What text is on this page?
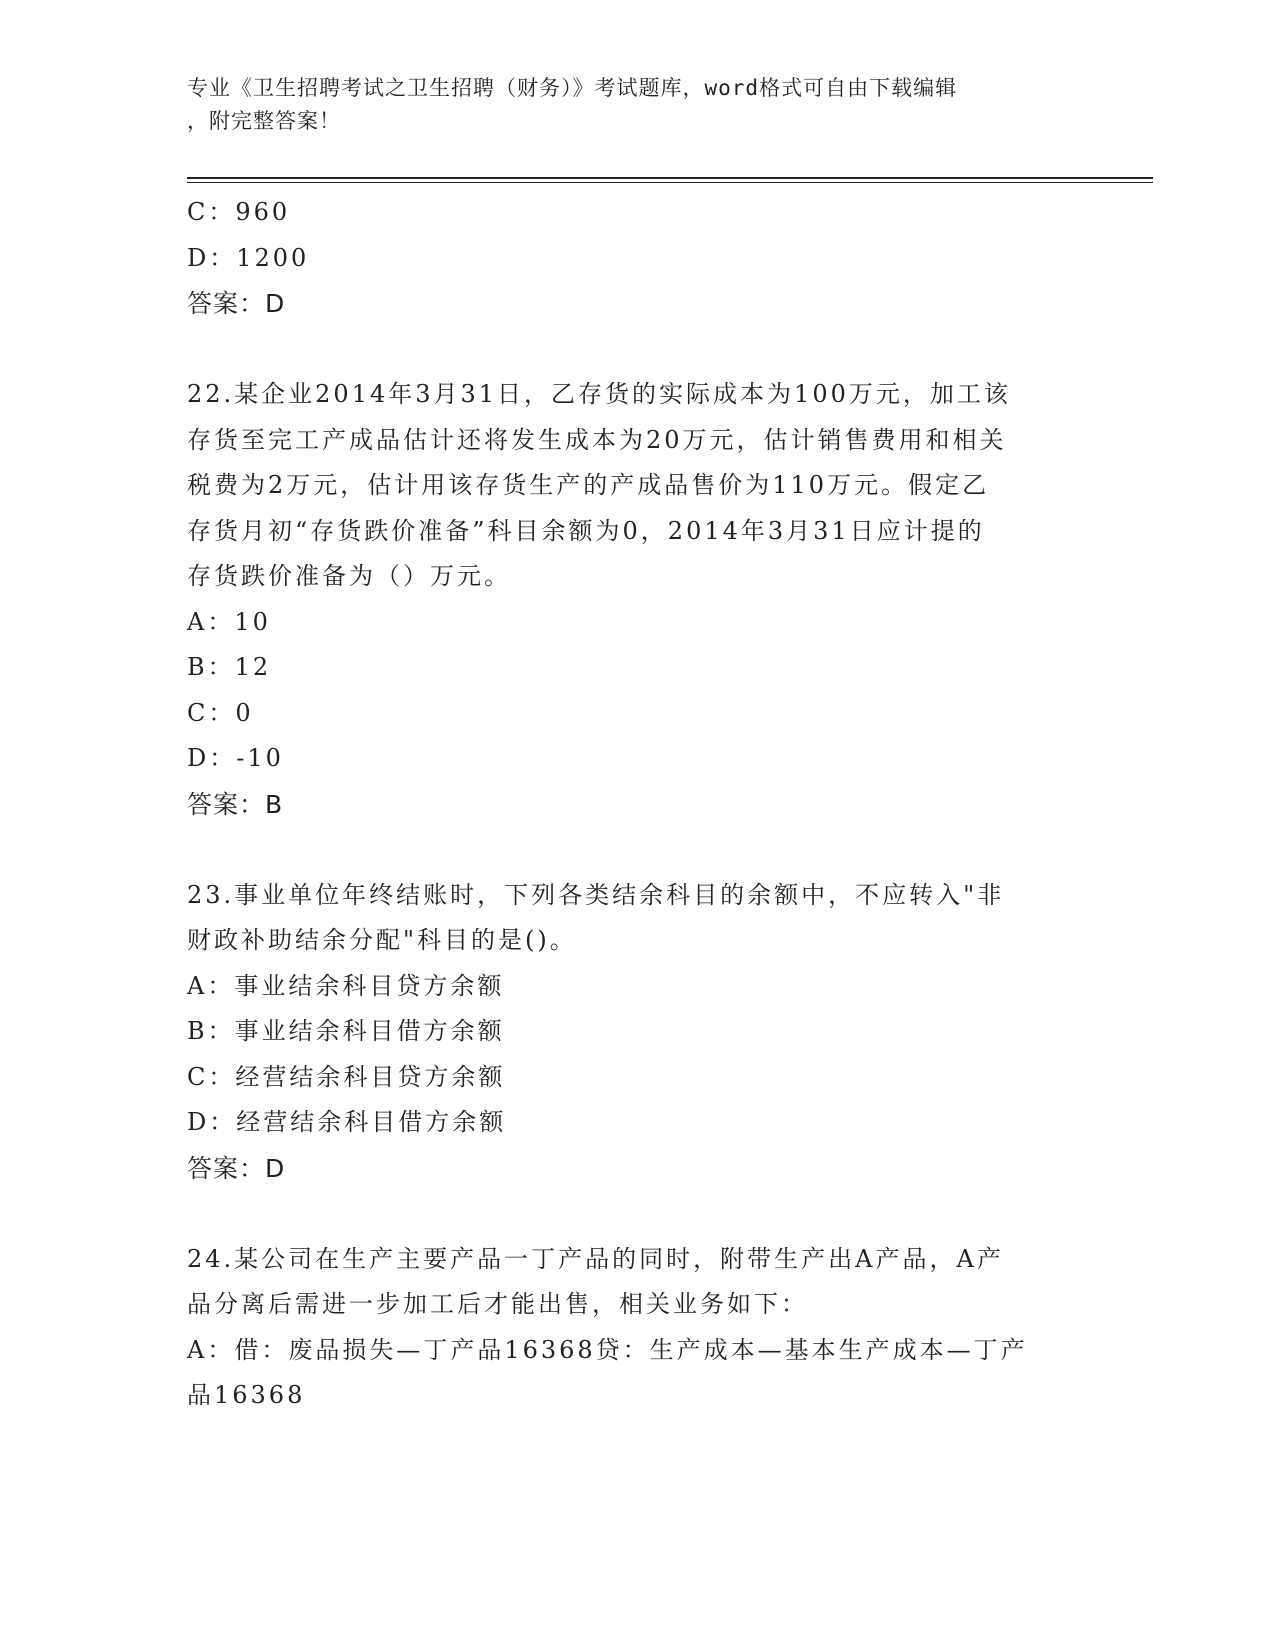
专业《卫生招聘考试之卫生招聘（财务）》考试题库，word格式可自由下载编辑
，附完整答案！
C：960
D：1200
答案：D
22.某企业2014年3月31日，乙存货的实际成本为100万元，加工该
存货至完工产成品估计还将发生成本为20万元，估计销售费用和相关
税费为2万元，估计用该存货生产的产成品售价为110万元。假定乙
存货月初“存货跌价准备”科目余额为0，2014年3月31日应计提的
存货跌价准备为（）万元。
A：10
B：12
C：0
D：-10
答案：B
23.事业单位年终结账时，下列各类结余科目的余额中，不应转入"非
财政补助结余分配"科目的是()。
A：事业结余科目贷方余额
B：事业结余科目借方余额
C：经营结余科目贷方余额
D：经营结余科目借方余额
答案：D
24.某公司在生产主要产品一丁产品的同时，附带生产出A产品，A产
品分离后需进一步加工后才能出售，相关业务如下：
A：借：废品损失—丁产品16368贷：生产成本—基本生产成本—丁产
品16368
